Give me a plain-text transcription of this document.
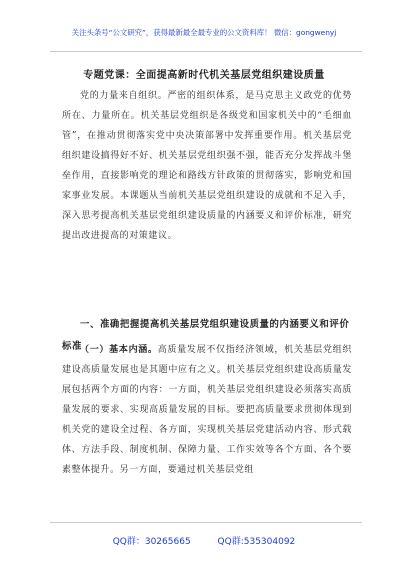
关注头条号“公文研究”，获得最新最全最专业的公文资料库！ 微信：gongwenyj
专题党课：全面提高新时代机关基层党组织建设质量
党的力量来自组织。严密的组织体系，是马克思主义政党的优势所在、力量所在。机关基层党组织是各级党和国家机关中的“毛细血管”，在推动贯彻落实党中央决策部署中发挥重要作用。机关基层党组织建设搞得好不好、机关基层党组织强不强，能否充分发挥战斗堡垒作用，直接影响党的理论和路线方针政策的贯彻落实，影响党和国家事业发展。本课题从当前机关基层党组织建设的成就和不足入手，深入思考提高机关基层党组织建设质量的内涵要义和评价标准，研究提出改进提高的对策建议。
一、准确把握提高机关基层党组织建设质量的内涵要义和评价标准
（一）基本内涵。高质量发展不仅指经济领域，机关基层党组织建设高质量发展也是其题中应有之义。机关基层党组织建设高质量发展包括两个方面的内容：一方面，机关基层党组织建设必须落实高质量发展的要求、实现高质量发展的目标。要把高质量要求贯彻体现到机关党的建设全过程、各方面，实现机关基层党建活动内容、形式载体、方法手段、制度机制、保障力量、工作实效等各个方面、各个要素整体提升。另一方面，要通过机关基层党组
QQ群：30265665	QQ群:535304092
